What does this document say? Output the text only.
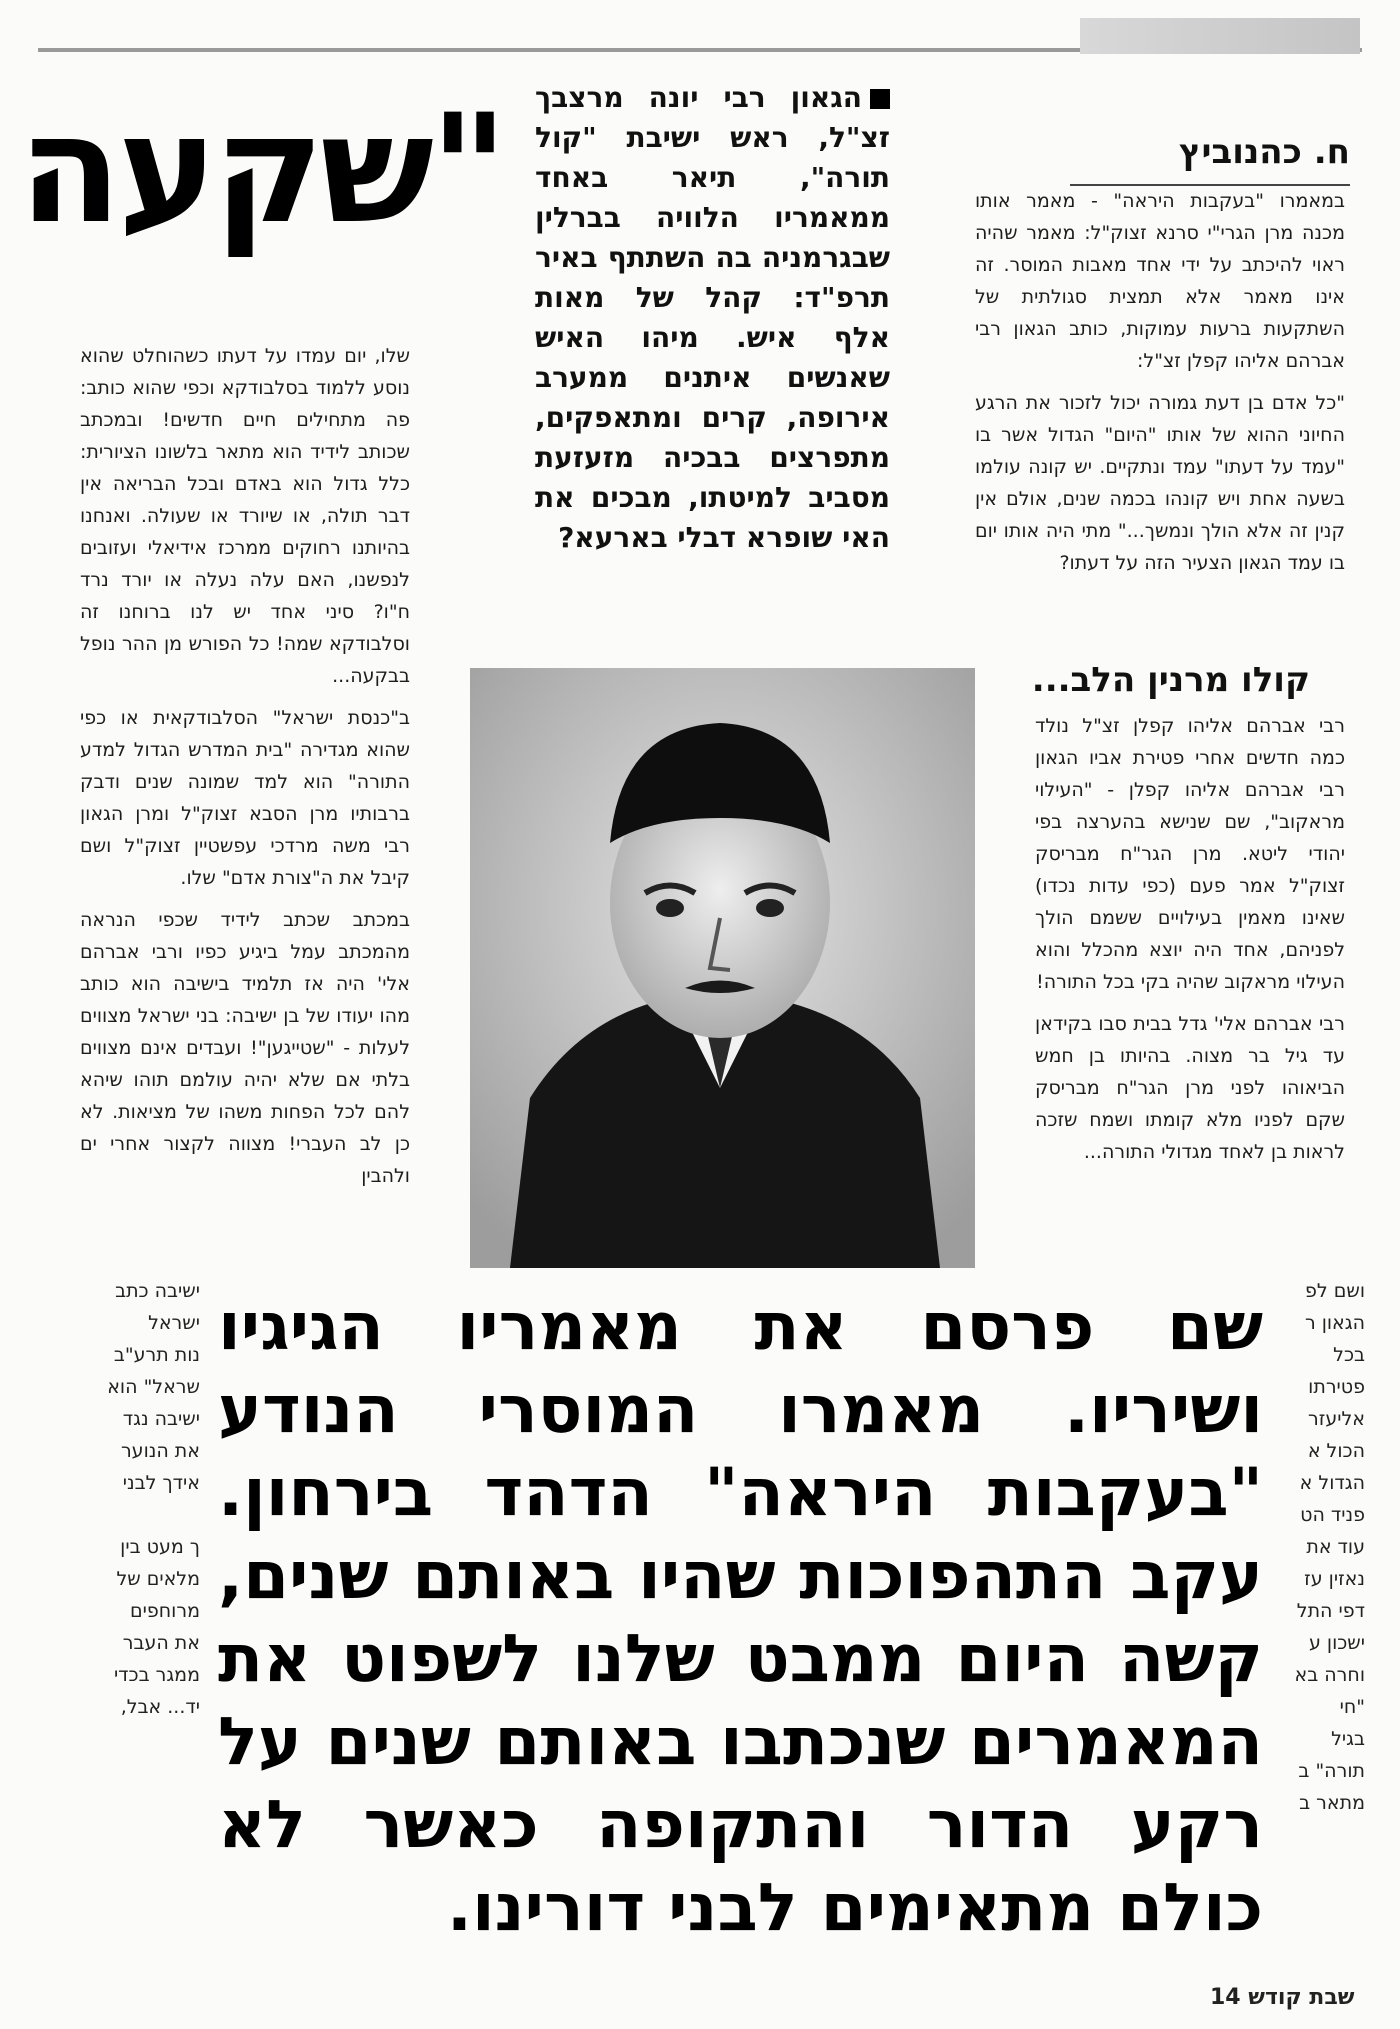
"שקעה	ח. כהנוביץ
הגאון רבי יונה מרצבך זצ"ל, ראש ישיבת "קול תורה", תיאר באחד ממאמריו הלוויה בברלין שבגרמניה בה השתתף באיר תרפ"ד: קהל של מאות אלף איש. מיהו האיש שאנשים איתנים ממערב אירופה, קרים ומתאפקים, מתפרצים בבכיה מזעזעת מסביב למיטתו, מבכים את האי שופרא דבלי בארעא?

במאמרו "בעקבות היראה" - מאמר אותו מכנה מרן הגרי"י סרנא זצוק"ל: מאמר שהיה ראוי להיכתב על ידי אחד מאבות המוסר. זה אינו מאמר אלא תמצית סגולתית של השתקעות ברעות עמוקות, כותב הגאון רבי אברהם אליהו קפלן זצ"ל:

"כל אדם בן דעת גמורה יכול לזכור את הרגע החיוני ההוא של אותו "היום" הגדול אשר בו "עמד על דעתו" עמד ונתקיים. יש קונה עולמו בשעה אחת ויש קונהו בכמה שנים, אולם אין קנין זה אלא הולך ונמשך..." מתי היה אותו יום בו עמד הגאון הצעיר הזה על דעתו?

קולו מרנין הלב...

רבי אברהם אליהו קפלן זצ"ל נולד כמה חדשים אחרי פטירת אביו הגאון רבי אברהם אליהו קפלן - "העילוי מראקוב", שם שנישא בהערצה בפי יהודי ליטא. מרן הגר"ח מבריסק זצוק"ל אמר פעם (כפי עדות נכדו) שאינו מאמין בעילויים ששמם הולך לפניהם, אחד היה יוצא מהכלל והוא העילוי מראקוב שהיה בקי בכל התורה!

רבי אברהם אלי' גדל בבית סבו בקידאן עד גיל בר מצוה. בהיותו בן חמש הביאוהו לפני מרן הגר"ח מבריסק שקם לפניו מלא קומתו ושמח שזכה לראות בן לאחד מגדולי התורה...

שלו, יום עמדו על דעתו כשהוחלט שהוא נוסע ללמוד בסלבודקא וכפי שהוא כותב: פה מתחילים חיים חדשים! ובמכתב שכותב לידיד הוא מתאר בלשונו הציורית: כלל גדול הוא באדם ובכל הבריאה אין דבר תולה, או שיורד או שעולה. ואנחנו בהיותנו רחוקים ממרכז אידיאלי ועזובים לנפשנו, האם עלה נעלה או יורד נרד ח"ו? סיני אחד יש לנו ברוחנו זה וסלבודקא שמה! כל הפורש מן ההר נופל בבקעה...

ב"כנסת ישראל" הסלבודקאית או כפי שהוא מגדירה "בית המדרש הגדול למדע התורה" הוא למד שמונה שנים ודבק ברבותיו מרן הסבא זצוק"ל ומרן הגאון רבי משה מרדכי עפשטיין זצוק"ל ושם קיבל את ה"צורת אדם" שלו.

במכתב שכתב לידיד שכפי הנראה מהמכתב עמל ביגיע כפיו ורבי אברהם אלי' היה אז תלמיד בישיבה הוא כותב מהו יעודו של בן ישיבה: בני ישראל מצווים לעלות - "שטייגען"! ועבדים אינם מצווים בלתי אם שלא יהיה עולמם תוהו שיהא להם לכל הפחות משהו של מציאות. לא כן לב העברי! מצווה לקצור אחרי ים ולהבין

ישיבה כתב
ישראל
נות תרע"ב
שראל" הוא
ישיבה נגד
את הנוער
אידך לבני
ך מעט בין
מלאים של
מרוחפים
את העבר
ממגר בכדי
יד... אבל,
ושם לפ
הגאון ר
בכל
פטירתו
אליעזר
הכול א
הגדול א
פניד הט
עוד את
נאזין עז
דפי התל
ישכון ע
וחרה בא
"חי
בגיל
תורה" ב
מתאר ב
שם פרסם את מאמריו הגיגיו ושיריו. מאמרו המוסרי הנודע "בעקבות היראה" הדהד בירחון. עקב התהפוכות שהיו באותם שנים, קשה היום ממבט שלנו לשפוט את המאמרים שנכתבו באותם שנים על רקע הדור והתקופה כאשר לא כולם מתאימים לבני דורינו.
14 שבת קודש
